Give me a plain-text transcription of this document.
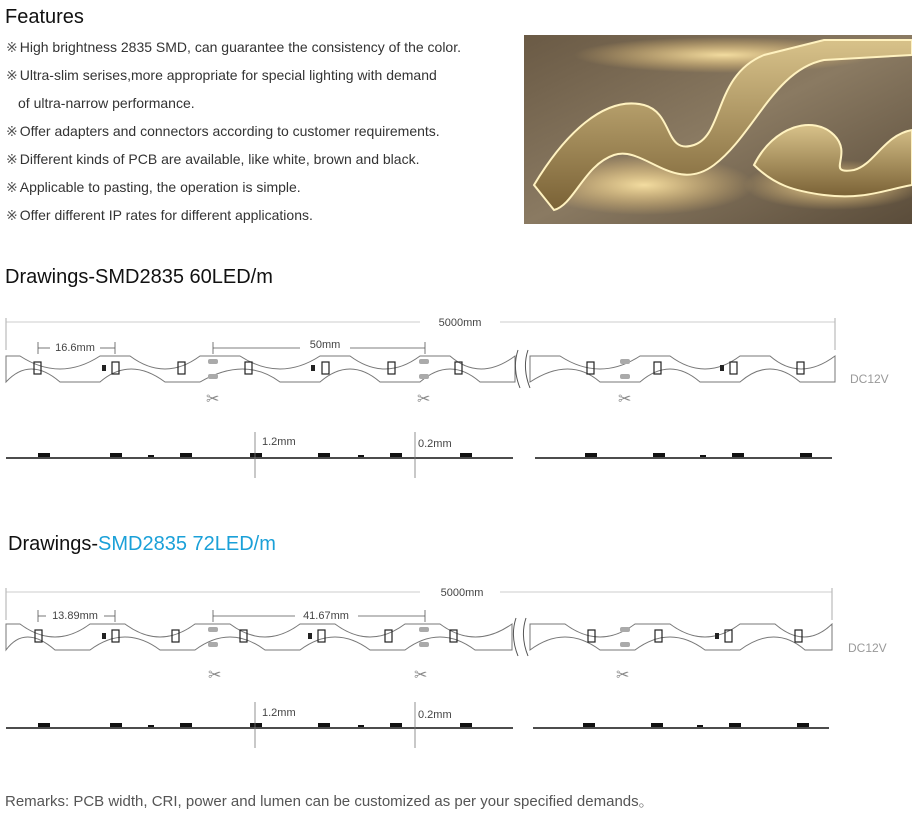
Features
※ High brightness 2835 SMD, can guarantee the consistency of the color.
※ Ultra-slim serises,more appropriate for special lighting with demand
of ultra-narrow performance.
※ Offer adapters and connectors according to customer requirements.
※ Different kinds of PCB are available, like white, brown and black.
※ Applicable to pasting, the operation is simple.
※ Offer different IP rates for different applications.
Drawings-SMD2835 60LED/m
5000mm
16.6mm	50mm
DC12V
✂	✂	✂
1.2mm	0.2mm
Drawings-SMD2835 72LED/m
5000mm
13.89mm	41.67mm
DC12V
✂	✂	✂
1.2mm	0.2mm
Remarks: PCB width, CRI, power and lumen can be customized as per your specified demands。
